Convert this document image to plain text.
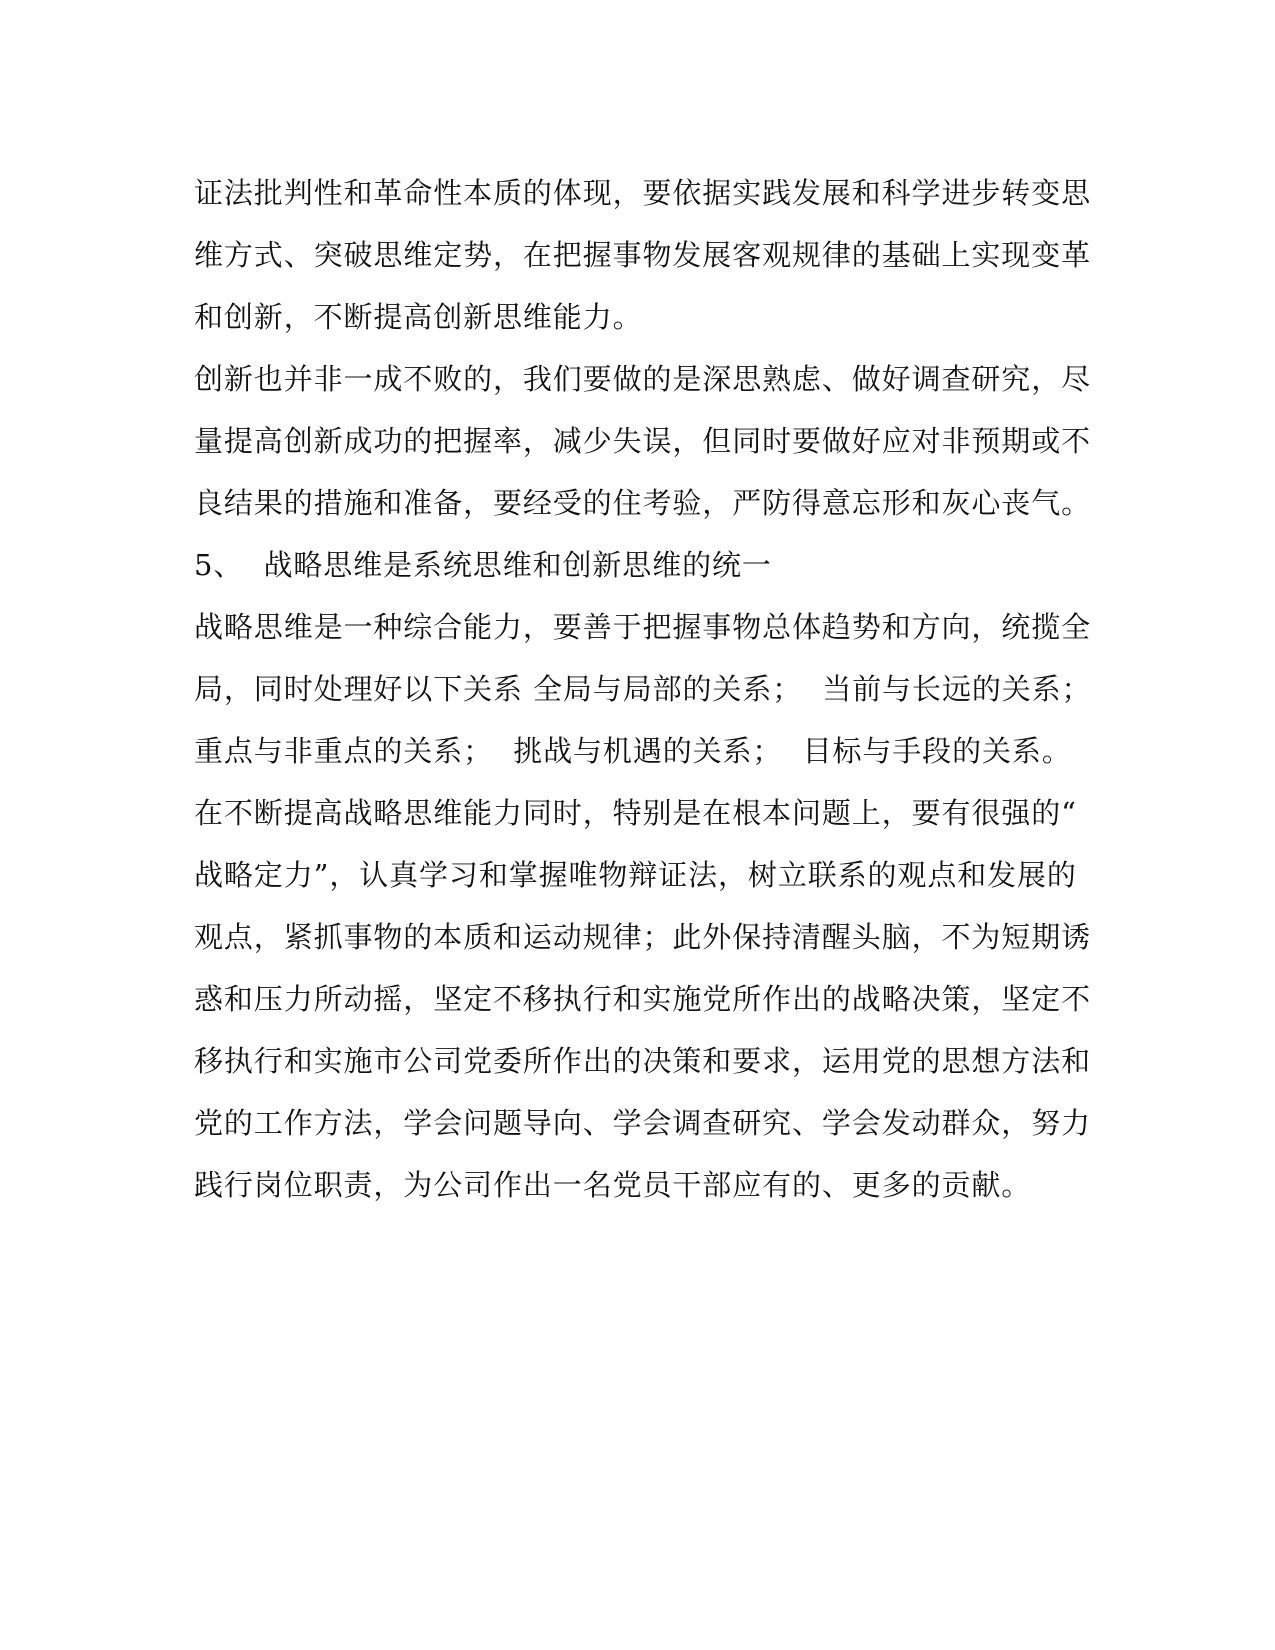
证法批判性和革命性本质的体现，要依据实践发展和科学进步转变思
维方式、突破思维定势，在把握事物发展客观规律的基础上实现变革
和创新，不断提高创新思维能力。
创新也并非一成不败的，我们要做的是深思熟虑、做好调查研究，尽
量提高创新成功的把握率，减少失误，但同时要做好应对非预期或不
良结果的措施和准备，要经受的住考验，严防得意忘形和灰心丧气。
5、  战略思维是系统思维和创新思维的统一
战略思维是一种综合能力，要善于把握事物总体趋势和方向，统揽全
局，同时处理好以下关系 全局与局部的关系；  当前与长远的关系；
重点与非重点的关系；  挑战与机遇的关系；  目标与手段的关系。
在不断提高战略思维能力同时，特别是在根本问题上，要有很强的“
战略定力”，认真学习和掌握唯物辩证法，树立联系的观点和发展的
观点，紧抓事物的本质和运动规律；此外保持清醒头脑，不为短期诱
惑和压力所动摇，坚定不移执行和实施党所作出的战略决策，坚定不
移执行和实施市公司党委所作出的决策和要求，运用党的思想方法和
党的工作方法，学会问题导向、学会调查研究、学会发动群众，努力
践行岗位职责，为公司作出一名党员干部应有的、更多的贡献。
